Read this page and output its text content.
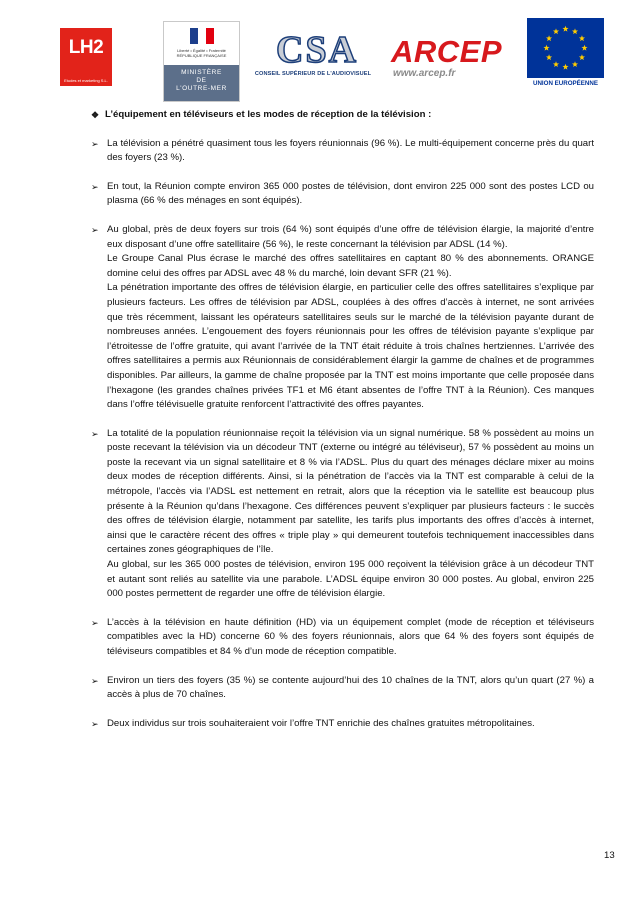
LH2
Etudes et marketing S.L.
Liberté • Égalité • Fraternité RÉPUBLIQUE FRANÇAISE
MINISTÈRE
DE
L'OUTRE-MER
CSA
CONSEIL SUPÉRIEUR DE L'AUDIOVISUEL
ARCEP
www.arcep.fr
UNION EUROPÉENNE
❖ L’équipement en téléviseurs et les modes de réception de la télévision :
➢ La télévision a pénétré quasiment tous les foyers réunionnais (96 %). Le multi-équipement concerne près du quart des foyers (23 %).

➢ En tout, la Réunion compte environ 365 000 postes de télévision, dont environ 225 000 sont des postes LCD ou plasma (66 % des ménages en sont équipés).

➢ Au global, près de deux foyers sur trois (64 %) sont équipés d’une offre de télévision élargie, la majorité d’entre eux disposant d’une offre satellitaire (56 %), le reste concernant la télévision par ADSL (14 %).

Le Groupe Canal Plus écrase le marché des offres satellitaires en captant 80 % des abonnements. ORANGE domine celui des offres par ADSL avec 48 % du marché, loin devant SFR (21 %).

La pénétration importante des offres de télévision élargie, en particulier celle des offres satellitaires s’explique par plusieurs facteurs. Les offres de télévision par ADSL, couplées à des offres d’accès à internet, ne sont arrivées que très récemment, laissant les opérateurs satellitaires seuls sur le marché de la télévision payante durant de nombreuses années. L’engouement des foyers réunionnais pour les offres de télévision payante s’explique par l’étroitesse de l’offre gratuite, qui avant l’arrivée de la TNT était réduite à trois chaînes hertziennes. L’arrivée des offres satellitaires a permis aux Réunionnais de considérablement élargir la gamme de chaînes et de programmes disponibles. Par ailleurs, la gamme de chaîne proposée par la TNT est moins importante que celle proposée dans l’hexagone (les grandes chaînes privées TF1 et M6 étant absentes de l’offre TNT à la Réunion). Ces manques dans l’offre télévisuelle gratuite renforcent l’attractivité des offres payantes.

➢ La totalité de la population réunionnaise reçoit la télévision via un signal numérique. 58 % possèdent au moins un poste recevant la télévision via un décodeur TNT (externe ou intégré au téléviseur), 57 % possèdent au moins un poste la recevant via un signal satellitaire et 8 % via l’ADSL. Plus du quart des ménages déclare mixer au moins deux modes de réception différents. Ainsi, si la pénétration de l’accès via la TNT est comparable à celui de la métropole, l’accès via l’ADSL est nettement en retrait, alors que la réception via le satellite est beaucoup plus présente à la Réunion qu’dans l’hexagone. Ces différences peuvent s’expliquer par plusieurs facteurs : le succès des offres de télévision élargie, notamment par satellite, les tarifs plus importants des offres d’accès à internet, ainsi que le caractère récent des offres « triple play » qui demeurent toutefois techniquement inaccessibles dans certaines zones géographiques de l’île.

Au global, sur les 365 000 postes de télévision, environ 195 000 reçoivent la télévision grâce à un décodeur TNT et autant sont reliés au satellite via une parabole. L’ADSL équipe environ 30 000 postes. Au global, environ 225 000 postes permettent de regarder une offre de télévision élargie.

➢ L’accès à la télévision en haute définition (HD) via un équipement complet (mode de réception et téléviseurs compatibles avec la HD) concerne 60 % des foyers réunionnais, alors que 64 % des foyers sont équipés de téléviseurs compatibles et 84 % d’un mode de réception compatible.

➢ Environ un tiers des foyers (35 %) se contente aujourd’hui des 10 chaînes de la TNT, alors qu’un quart (27 %) a accès à plus de 70 chaînes.

➢ Deux individus sur trois souhaiteraient voir l’offre TNT enrichie des chaînes gratuites métropolitaines.

13
